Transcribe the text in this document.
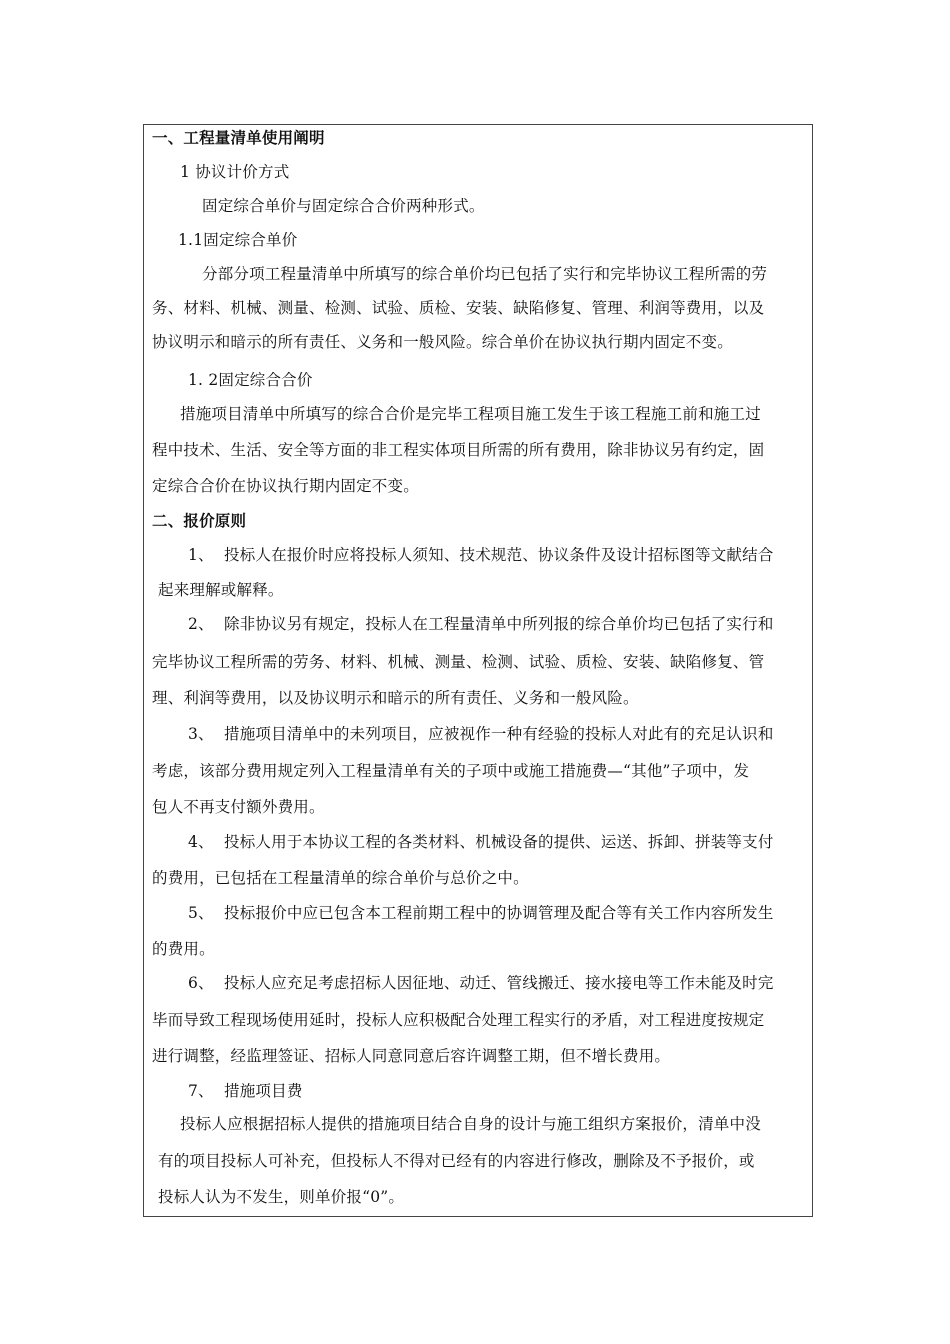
一、工程量清单使用阐明
1 协议计价方式
固定综合单价与固定综合合价两种形式。
1.1固定综合单价
分部分项工程量清单中所填写的综合单价均已包括了实行和完毕协议工程所需的劳
务、材料、机械、测量、检测、试验、质检、安装、缺陷修复、管理、利润等费用，以及
协议明示和暗示的所有责任、义务和一般风险。综合单价在协议执行期内固定不变。
1. 2固定综合合价
措施项目清单中所填写的综合合价是完毕工程项目施工发生于该工程施工前和施工过
程中技术、生活、安全等方面的非工程实体项目所需的所有费用，除非协议另有约定，固
定综合合价在协议执行期内固定不变。
二、报价原则
1、  投标人在报价时应将投标人须知、技术规范、协议条件及设计招标图等文献结合
起来理解或解释。
2、  除非协议另有规定，投标人在工程量清单中所列报的综合单价均已包括了实行和
完毕协议工程所需的劳务、材料、机械、测量、检测、试验、质检、安装、缺陷修复、管
理、利润等费用，以及协议明示和暗示的所有责任、义务和一般风险。
3、  措施项目清单中的未列项目，应被视作一种有经验的投标人对此有的充足认识和
考虑，该部分费用规定列入工程量清单有关的子项中或施工措施费—“其他”子项中，发
包人不再支付额外费用。
4、  投标人用于本协议工程的各类材料、机械设备的提供、运送、拆卸、拼装等支付
的费用，已包括在工程量清单的综合单价与总价之中。
5、  投标报价中应已包含本工程前期工程中的协调管理及配合等有关工作内容所发生
的费用。
6、  投标人应充足考虑招标人因征地、动迁、管线搬迁、接水接电等工作未能及时完
毕而导致工程现场使用延时，投标人应积极配合处理工程实行的矛盾，对工程进度按规定
进行调整，经监理签证、招标人同意同意后容许调整工期，但不增长费用。
7、  措施项目费
投标人应根据招标人提供的措施项目结合自身的设计与施工组织方案报价，清单中没
有的项目投标人可补充，但投标人不得对已经有的内容进行修改，删除及不予报价，或
投标人认为不发生，则单价报“0”。
